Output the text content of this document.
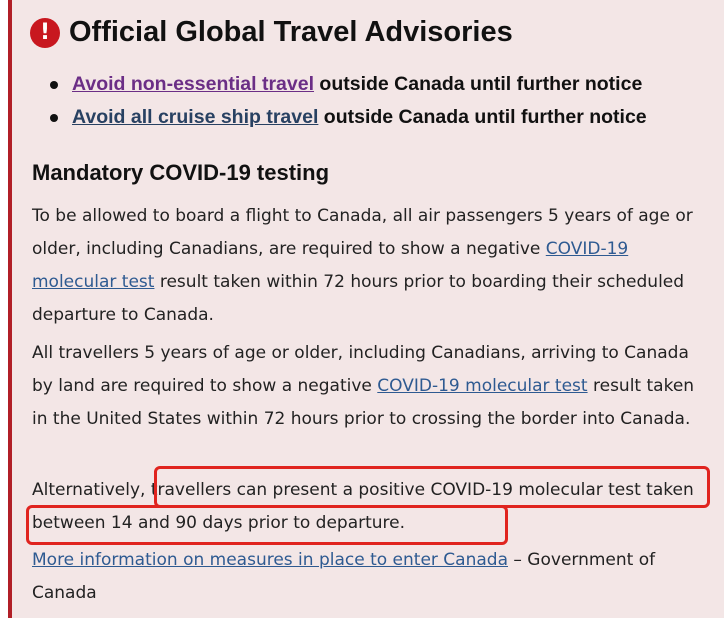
! Official Global Travel Advisories
Avoid non-essential travel outside Canada until further notice
Avoid all cruise ship travel outside Canada until further notice
Mandatory COVID-19 testing
To be allowed to board a flight to Canada, all air passengers 5 years of age or older, including Canadians, are required to show a negative COVID-19 molecular test result taken within 72 hours prior to boarding their scheduled departure to Canada.
All travellers 5 years of age or older, including Canadians, arriving to Canada by land are required to show a negative COVID-19 molecular test result taken in the United States within 72 hours prior to crossing the border into Canada.
Alternatively, travellers can present a positive COVID-19 molecular test taken between 14 and 90 days prior to departure.
More information on measures in place to enter Canada – Government of Canada
